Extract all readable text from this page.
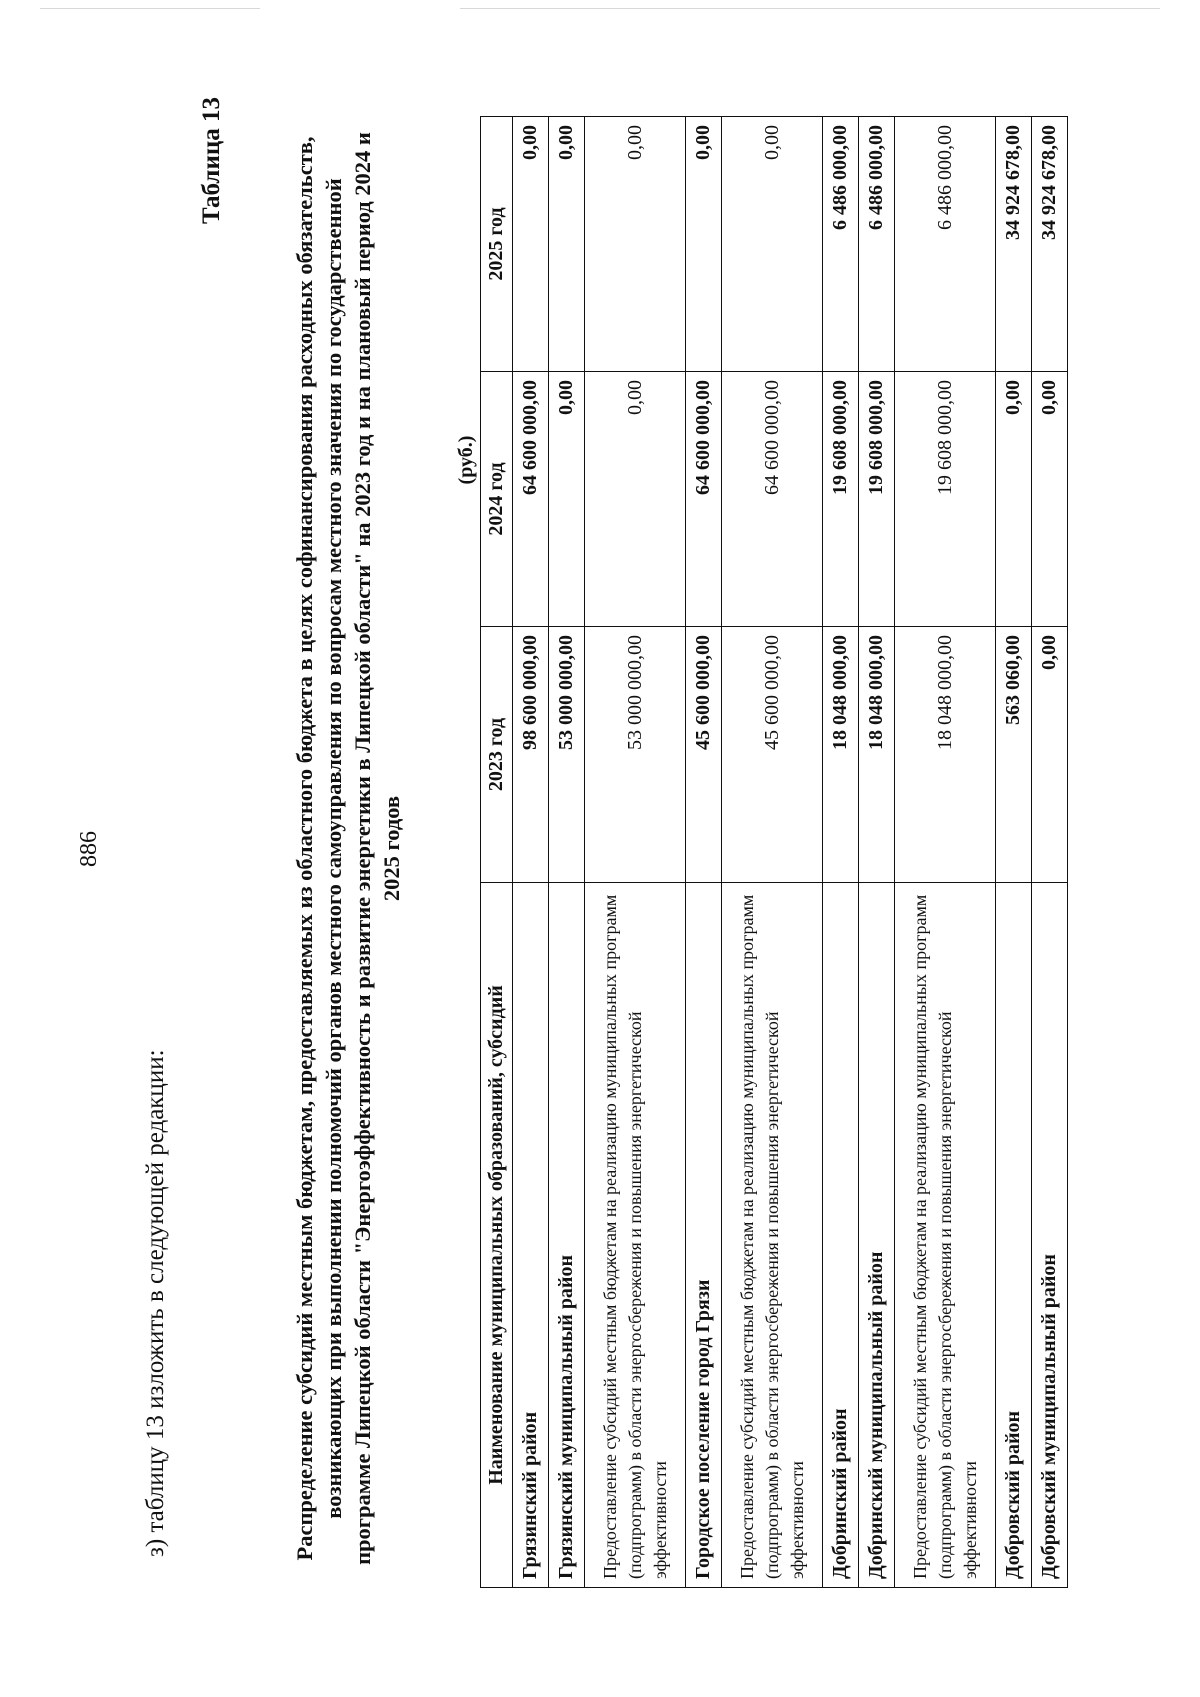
886
з) таблицу 13 изложить в следующей редакции:
Таблица 13	Распределение субсидий местным бюджетам, предоставляемых из областного бюджета в целях софинансирования расходных обязательств, возникающих при выполнении полномочий органов местного самоуправления по вопросам местного значения по государственной программе Липецкой области "Энергоэффективность и развитие энергетики в Липецкой области" на 2023 год и на плановый период 2024 и 2025 годов
(руб.)
Наименование муниципальных образований, субсидий	2023 год	2024 год	2025 год
Грязинский район	98 600 000,00	64 600 000,00	0,00
Грязинский муниципальный район	53 000 000,00	0,00	0,00
Предоставление субсидий местным бюджетам на реализацию муниципальных программ (подпрограмм) в области энергосбережения и повышения энергетической эффективности	53 000 000,00	0,00	0,00
Городское поселение город Грязи	45 600 000,00	64 600 000,00	0,00
Предоставление субсидий местным бюджетам на реализацию муниципальных программ (подпрограмм) в области энергосбережения и повышения энергетической эффективности	45 600 000,00	64 600 000,00	0,00
Добринский район	18 048 000,00	19 608 000,00	6 486 000,00
Добринский муниципальный район	18 048 000,00	19 608 000,00	6 486 000,00
Предоставление субсидий местным бюджетам на реализацию муниципальных программ (подпрограмм) в области энергосбережения и повышения энергетической эффективности	18 048 000,00	19 608 000,00	6 486 000,00
Добровский район	563 060,00	0,00	34 924 678,00
Добровский муниципальный район	0,00	0,00	34 924 678,00
